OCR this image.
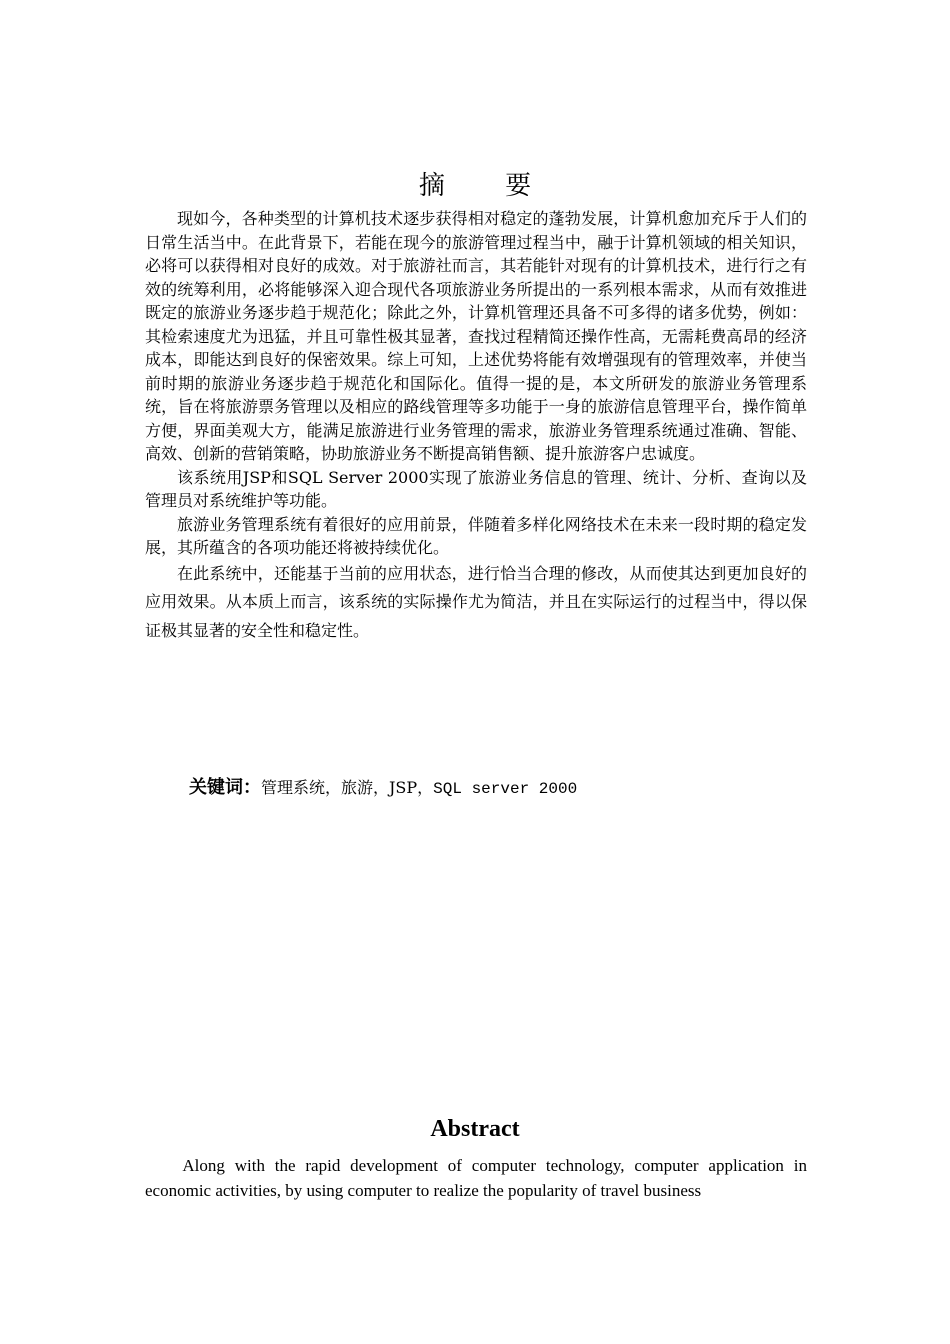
摘 要

现如今，各种类型的计算机技术逐步获得相对稳定的蓬勃发展，计算机愈加充斥于人们的日常生活当中。在此背景下，若能在现今的旅游管理过程当中，融于计算机领域的相关知识，必将可以获得相对良好的成效。对于旅游社而言，其若能针对现有的计算机技术，进行行之有效的统筹利用，必将能够深入迎合现代各项旅游业务所提出的一系列根本需求，从而有效推进既定的旅游业务逐步趋于规范化；除此之外，计算机管理还具备不可多得的诸多优势，例如：其检索速度尤为迅猛，并且可靠性极其显著，查找过程精简还操作性高，无需耗费高昂的经济成本，即能达到良好的保密效果。综上可知，上述优势将能有效增强现有的管理效率，并使当前时期的旅游业务逐步趋于规范化和国际化。值得一提的是，本文所研发的旅游业务管理系统，旨在将旅游票务管理以及相应的路线管理等多功能于一身的旅游信息管理平台，操作简单方便，界面美观大方，能满足旅游进行业务管理的需求，旅游业务管理系统通过准确、智能、高效、创新的营销策略，协助旅游业务不断提高销售额、提升旅游客户忠诚度。

该系统用JSP和SQL Server 2000实现了旅游业务信息的管理、统计、分析、查询以及管理员对系统维护等功能。

旅游业务管理系统有着很好的应用前景，伴随着多样化网络技术在未来一段时期的稳定发展，其所蕴含的各项功能还将被持续优化。

在此系统中，还能基于当前的应用状态，进行恰当合理的修改，从而使其达到更加良好的应用效果。从本质上而言，该系统的实际操作尤为简洁，并且在实际运行的过程当中，得以保证极其显著的安全性和稳定性。

关键词：管理系统，旅游，JSP，SQL server 2000
Abstract

Along with the rapid development of computer technology, computer application in economic activities, by using computer to realize the popularity of travel business
